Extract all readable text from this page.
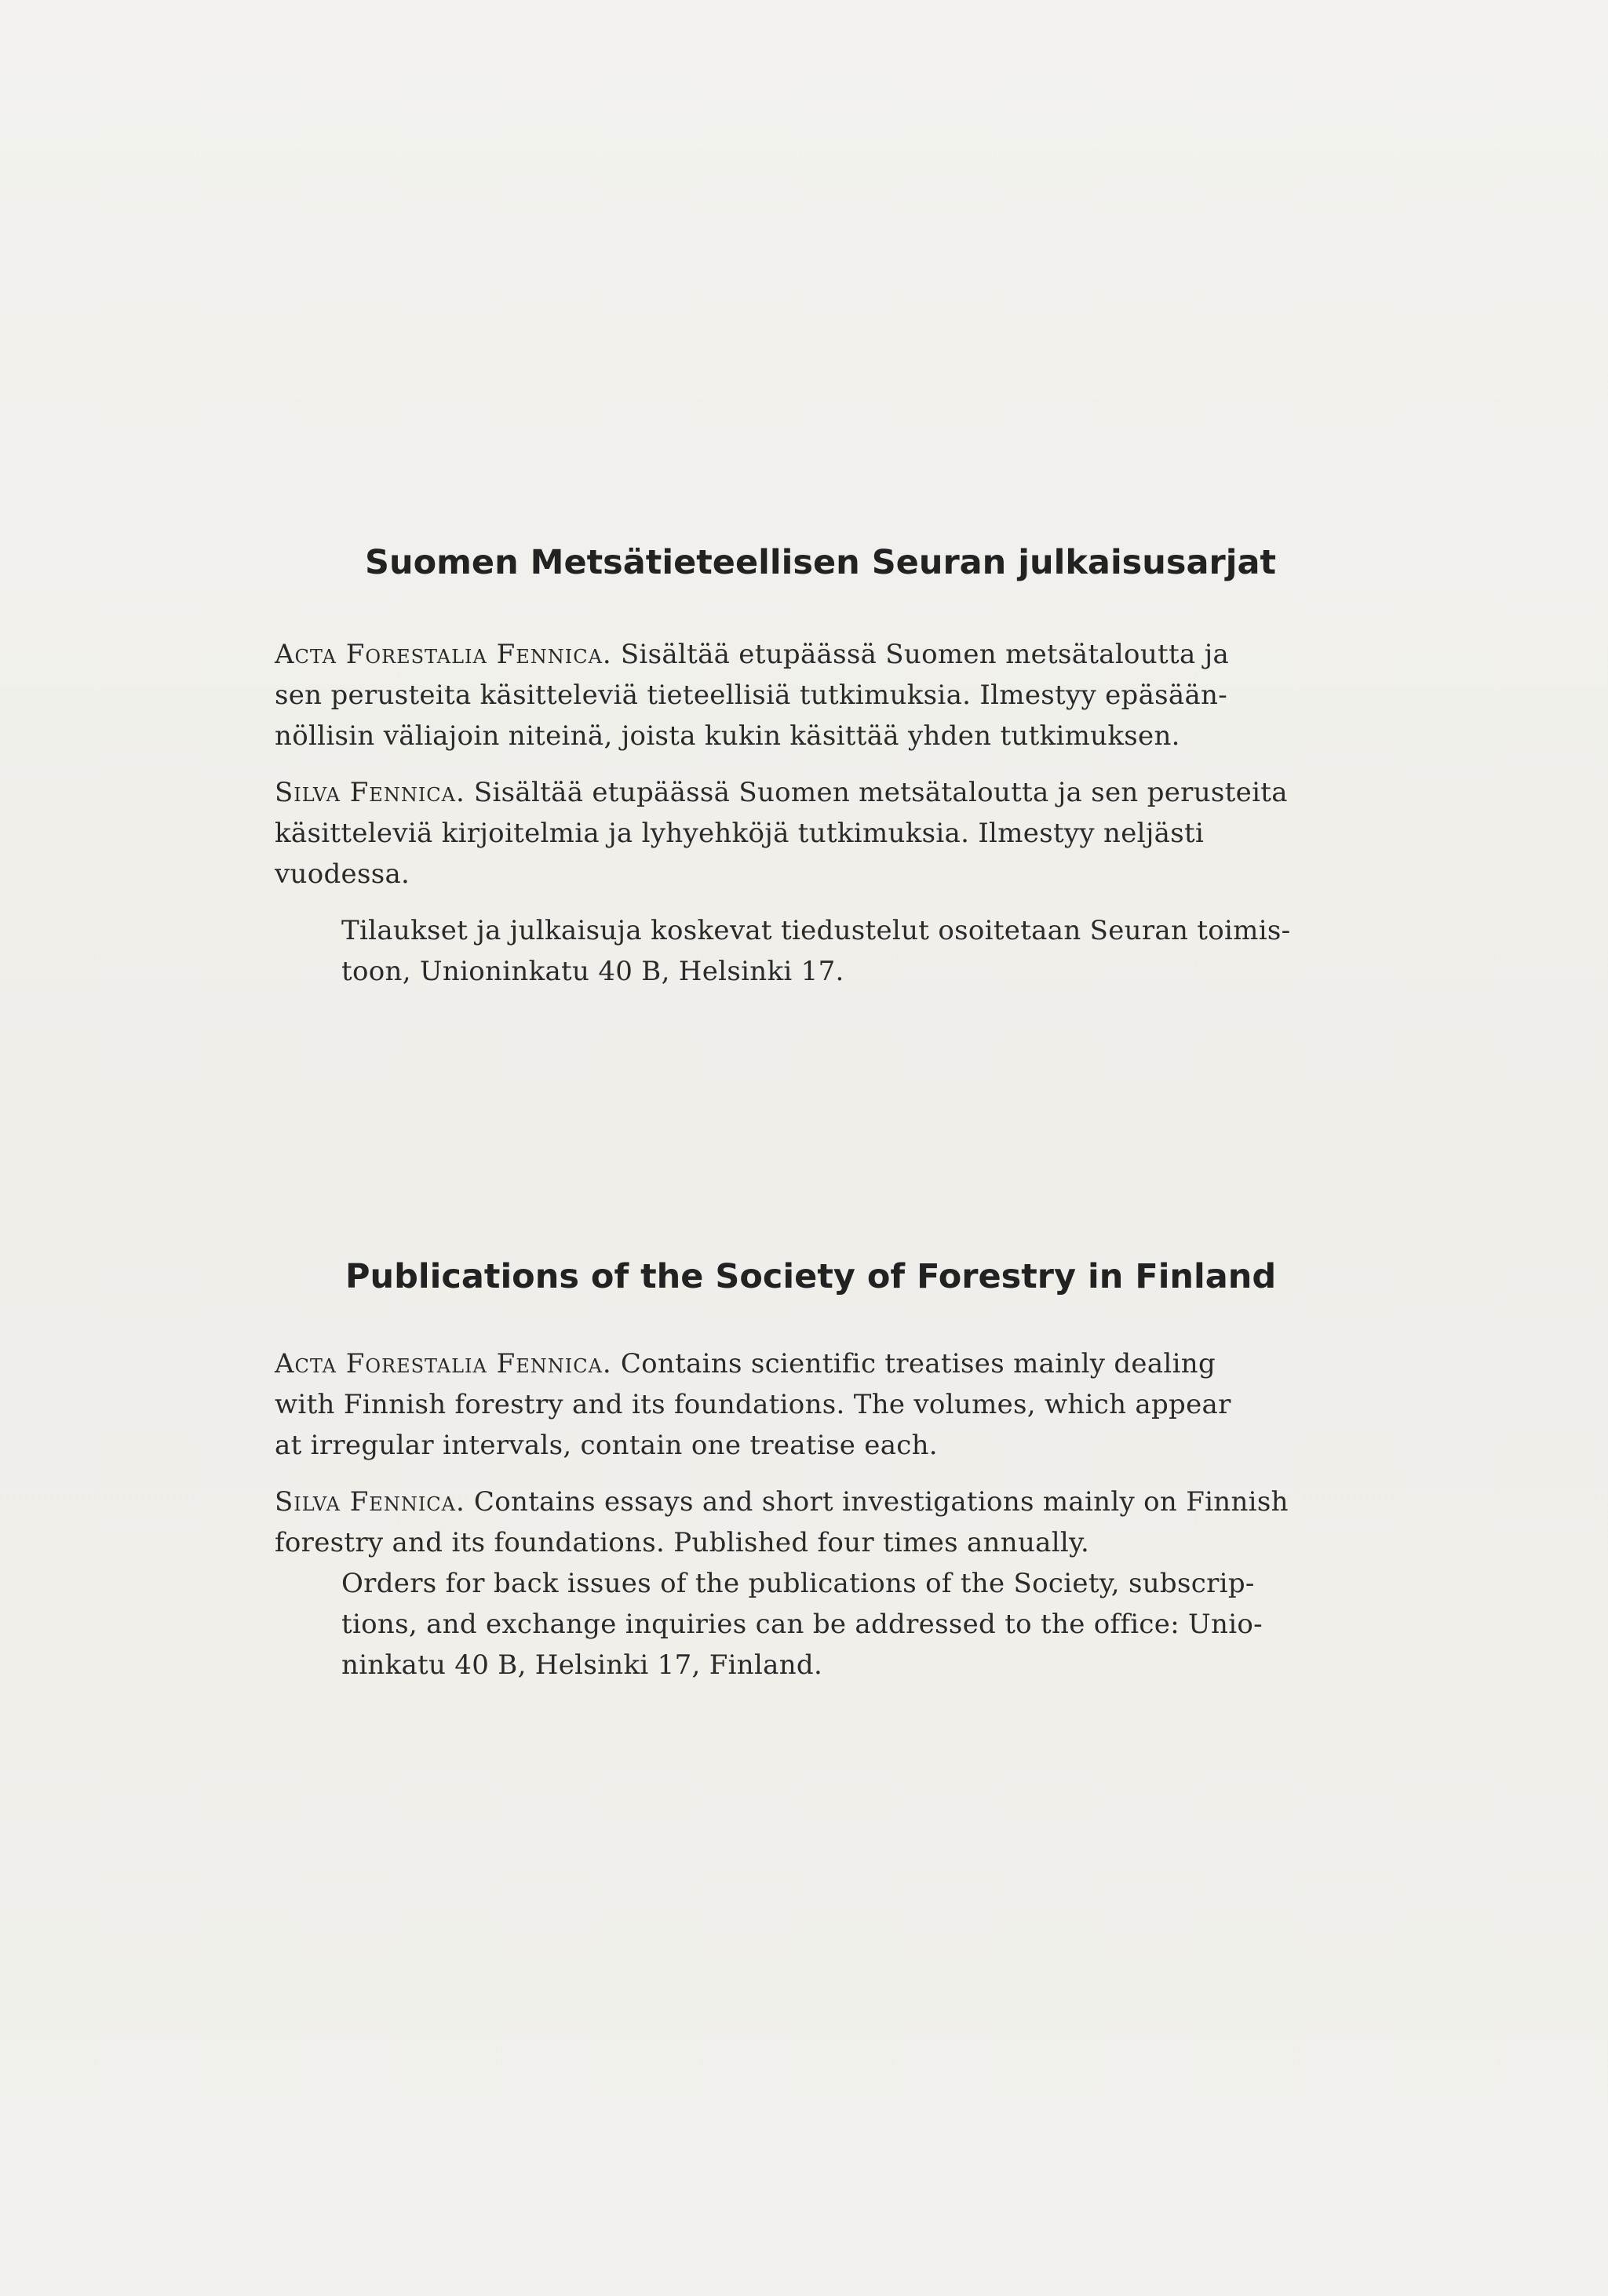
Suomen Metsätieteellisen Seuran julkaisusarjat

Acta Forestalia Fennica. Sisältää etupäässä Suomen metsätaloutta ja
sen perusteita käsitteleviä tieteellisiä tutkimuksia. Ilmestyy epäsään-
nöllisin väliajoin niteinä, joista kukin käsittää yhden tutkimuksen.

Silva Fennica. Sisältää etupäässä Suomen metsätaloutta ja sen perusteita
käsitteleviä kirjoitelmia ja lyhyehköjä tutkimuksia. Ilmestyy neljästi
vuodessa.

Tilaukset ja julkaisuja koskevat tiedustelut osoitetaan Seuran toimis-
toon, Unioninkatu 40 B, Helsinki 17.

Publications of the Society of Forestry in Finland

Acta Forestalia Fennica. Contains scientific treatises mainly dealing
with Finnish forestry and its foundations. The volumes, which appear
at irregular intervals, contain one treatise each.

Silva Fennica. Contains essays and short investigations mainly on Finnish
forestry and its foundations. Published four times annually.

Orders for back issues of the publications of the Society, subscrip-
tions, and exchange inquiries can be addressed to the office: Unio-
ninkatu 40 B, Helsinki 17, Finland.
